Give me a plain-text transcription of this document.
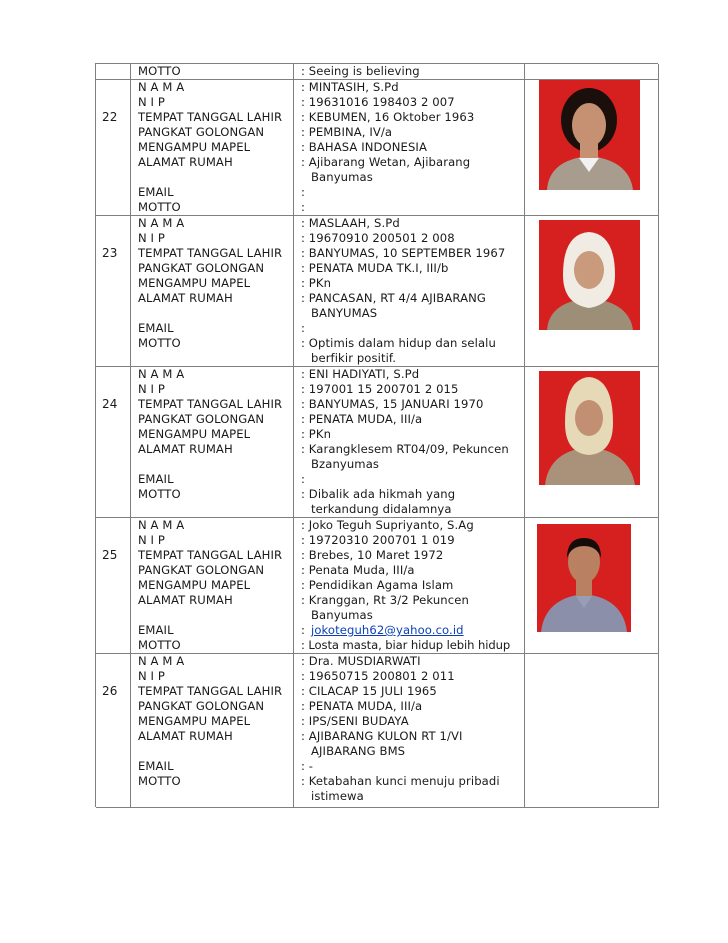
MOTTO	: Seeing is believing
22
N A M A
N I P
TEMPAT TANGGAL LAHIR
PANGKAT GOLONGAN
MENGAMPU MAPEL
ALAMAT RUMAH
EMAIL
MOTTO
: MINTASIH, S.Pd
: 19631016 198403 2 007
: KEBUMEN, 16 Oktober 1963
: PEMBINA, IV/a
: BAHASA INDONESIA
: Ajibarang Wetan, Ajibarang
Banyumas
:
:
23
N A M A
N I P
TEMPAT TANGGAL LAHIR
PANGKAT GOLONGAN
MENGAMPU MAPEL
ALAMAT RUMAH
EMAIL
MOTTO
: MASLAAH, S.Pd
: 19670910 200501 2 008
: BANYUMAS, 10 SEPTEMBER 1967
: PENATA MUDA TK.I, III/b
: PKn
: PANCASAN, RT 4/4 AJIBARANG
BANYUMAS
:
: Optimis dalam hidup dan selalu
berfikir positif.
24
N A M A
N I P
TEMPAT TANGGAL LAHIR
PANGKAT GOLONGAN
MENGAMPU MAPEL
ALAMAT RUMAH
EMAIL
MOTTO
: ENI HADIYATI, S.Pd
: 197001 15 200701 2 015
: BANYUMAS, 15 JANUARI 1970
: PENATA MUDA, III/a
: PKn
: Karangklesem RT04/09, Pekuncen
Bzanyumas
:
: Dibalik ada hikmah yang
terkandung didalamnya
25
N A M A
N I P
TEMPAT TANGGAL LAHIR
PANGKAT GOLONGAN
MENGAMPU MAPEL
ALAMAT RUMAH
EMAIL
MOTTO
: Joko Teguh Supriyanto, S.Ag
: 19720310 200701 1 019
: Brebes, 10 Maret 1972
: Penata Muda, III/a
: Pendidikan Agama Islam
: Kranggan, Rt 3/2 Pekuncen
Banyumas
: jokoteguh62@yahoo.co.id
: Losta masta, biar hidup lebih hidup
26
N A M A
N I P
TEMPAT TANGGAL LAHIR
PANGKAT GOLONGAN
MENGAMPU MAPEL
ALAMAT RUMAH
EMAIL
MOTTO
: Dra. MUSDIARWATI
: 19650715 200801 2 011
: CILACAP 15 JULI 1965
: PENATA MUDA, III/a
: IPS/SENI BUDAYA
: AJIBARANG KULON RT 1/VI
AJIBARANG BMS
: -
: Ketabahan kunci menuju pribadi
istimewa
